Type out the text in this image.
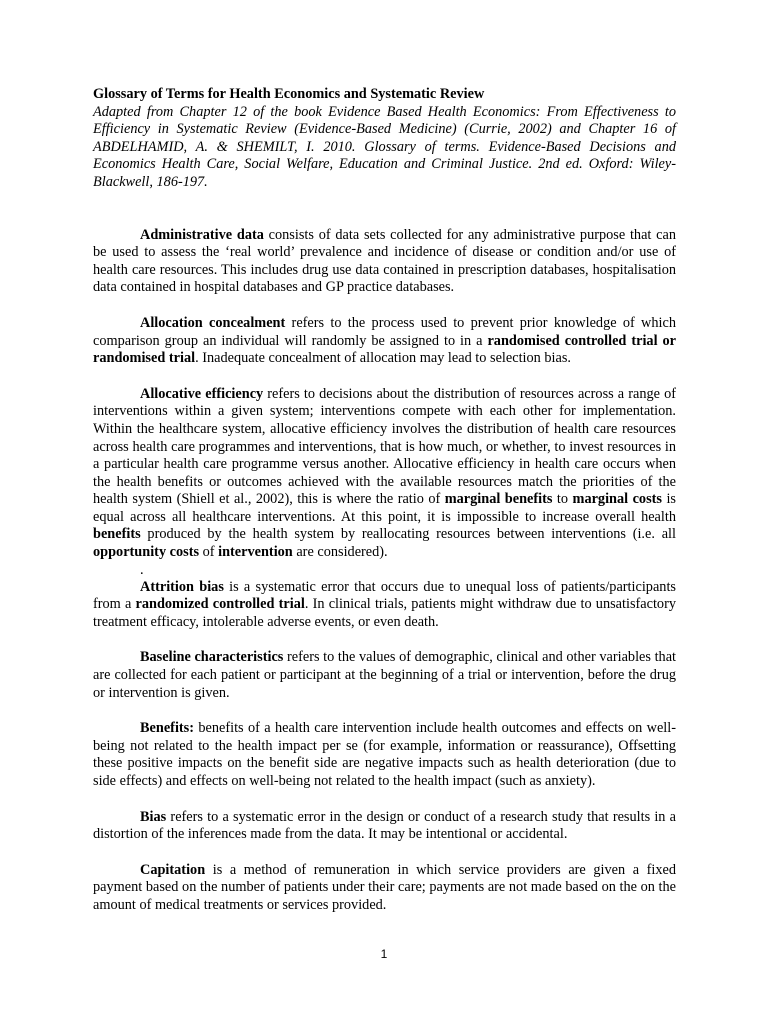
Glossary of Terms for Health Economics and Systematic Review

Adapted from Chapter 12 of the book Evidence Based Health Economics: From Effectiveness to Efficiency in Systematic Review (Evidence-Based Medicine) (Currie, 2002) and Chapter 16 of ABDELHAMID, A. & SHEMILT, I. 2010. Glossary of terms. Evidence-Based Decisions and Economics Health Care, Social Welfare, Education and Criminal Justice. 2nd ed. Oxford: Wiley-Blackwell, 186-197.

Administrative data consists of data sets collected for any administrative purpose that can be used to assess the ‘real world’ prevalence and incidence of disease or condition and/or use of health care resources. This includes drug use data contained in prescription databases, hospitalisation data contained in hospital databases and GP practice databases.

Allocation concealment refers to the process used to prevent prior knowledge of which comparison group an individual will randomly be assigned to in a randomised controlled trial or randomised trial. Inadequate concealment of allocation may lead to selection bias.

Allocative efficiency refers to decisions about the distribution of resources across a range of interventions within a given system; interventions compete with each other for implementation. Within the healthcare system, allocative efficiency involves the distribution of health care resources across health care programmes and interventions, that is how much, or whether, to invest resources in a particular health care programme versus another. Allocative efficiency in health care occurs when the health benefits or outcomes achieved with the available resources match the priorities of the health system (Shiell et al., 2002), this is where the ratio of marginal benefits to marginal costs is equal across all healthcare interventions. At this point, it is impossible to increase overall health benefits produced by the health system by reallocating resources between interventions (i.e. all opportunity costs of intervention are considered).

.

Attrition bias is a systematic error that occurs due to unequal loss of patients/participants from a randomized controlled trial. In clinical trials, patients might withdraw due to unsatisfactory treatment efficacy, intolerable adverse events, or even death.

Baseline characteristics refers to the values of demographic, clinical and other variables that are collected for each patient or participant at the beginning of a trial or intervention, before the drug or intervention is given.

Benefits: benefits of a health care intervention include health outcomes and effects on well-being not related to the health impact per se (for example, information or reassurance), Offsetting these positive impacts on the benefit side are negative impacts such as health deterioration (due to side effects) and effects on well-being not related to the health impact (such as anxiety).

Bias refers to a systematic error in the design or conduct of a research study that results in a distortion of the inferences made from the data. It may be intentional or accidental.

Capitation is a method of remuneration in which service providers are given a fixed payment based on the number of patients under their care; payments are not made based on the on the amount of medical treatments or services provided.

1
